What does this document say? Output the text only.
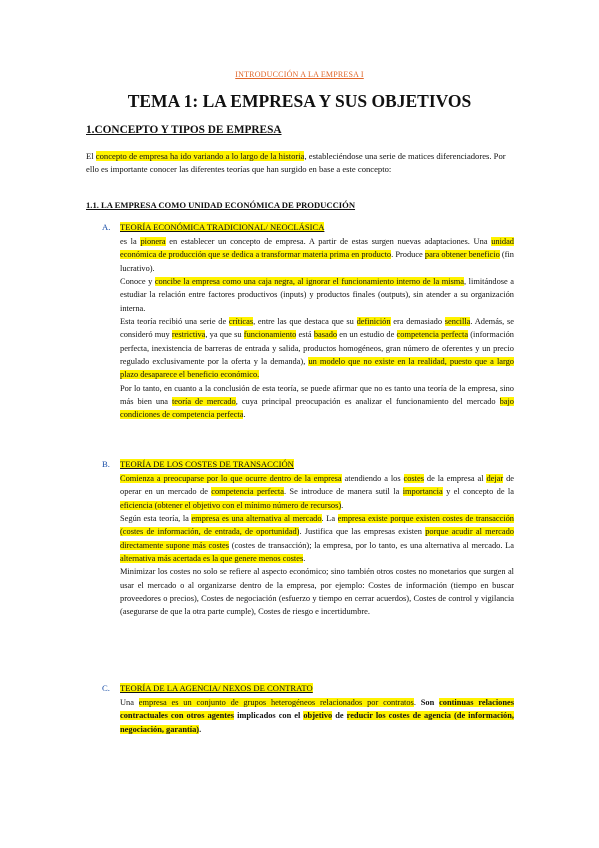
INTRODUCCIÓN A LA EMPRESA I
TEMA 1: LA EMPRESA Y SUS OBJETIVOS
1.CONCEPTO Y TIPOS DE EMPRESA

El concepto de empresa ha ido variando a lo largo de la historia, estableciéndose una serie de matices diferenciadores. Por ello es importante conocer las diferentes teorías que han surgido en base a este concepto:

1.1. LA EMPRESA COMO UNIDAD ECONÓMICA DE PRODUCCIÓN
A. TEORÍA ECONÓMICA TRADICIONAL/ NEOCLÁSICA

es la pionera en establecer un concepto de empresa. A partir de estas surgen nuevas adaptaciones. Una unidad económica de producción que se dedica a transformar materia prima en producto. Produce para obtener beneficio (fin lucrativo).

Conoce y concibe la empresa como una caja negra, al ignorar el funcionamiento interno de la misma, limitándose a estudiar la relación entre factores productivos (inputs) y productos finales (outputs), sin atender a su organización interna.

Esta teoría recibió una serie de críticas, entre las que destaca que su definición era demasiado sencilla. Además, se consideró muy restrictiva, ya que su funcionamiento está basado en un estudio de competencia perfecta (información perfecta, inexistencia de barreras de entrada y salida, productos homogéneos, gran número de oferentes y un precio regulado exclusivamente por la oferta y la demanda), un modelo que no existe en la realidad, puesto que a largo plazo desaparece el beneficio económico.

Por lo tanto, en cuanto a la conclusión de esta teoría, se puede afirmar que no es tanto una teoría de la empresa, sino más bien una teoría de mercado, cuya principal preocupación es analizar el funcionamiento del mercado bajo condiciones de competencia perfecta.

B. TEORÍA DE LOS COSTES DE TRANSACCIÓN

Comienza a preocuparse por lo que ocurre dentro de la empresa atendiendo a los costes de la empresa al dejar de operar en un mercado de competencia perfecta. Se introduce de manera sutil la importancia y el concepto de la eficiencia (obtener el objetivo con el mínimo número de recursos).

Según esta teoría, la empresa es una alternativa al mercado. La empresa existe porque existen costes de transacción (costes de información, de entrada, de oportunidad). Justifica que las empresas existen porque acudir al mercado directamente supone más costes (costes de transacción); la empresa, por lo tanto, es una alternativa al mercado. La alternativa más acertada es la que genere menos costes.

Minimizar los costes no solo se refiere al aspecto económico; sino también otros costes no monetarios que surgen al usar el mercado o al organizarse dentro de la empresa, por ejemplo: Costes de información (tiempo en buscar proveedores o precios), Costes de negociación (esfuerzo y tiempo en cerrar acuerdos), Costes de control y vigilancia (asegurarse de que la otra parte cumple), Costes de riesgo e incertidumbre.

C. TEORÍA DE LA AGENCIA/ NEXOS DE CONTRATO

Una empresa es un conjunto de grupos heterogéneos relacionados por contratos. Son continuas relaciones contractuales con otros agentes implicados con el objetivo de reducir los costes de agencia (de información, negociación, garantía).
